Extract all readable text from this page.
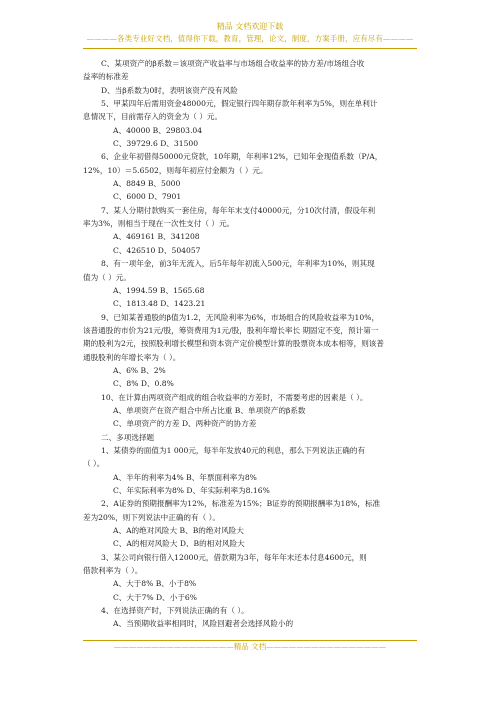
精品 文档欢迎下载
————各类专业好文档，值得你下载，教育，管理，论文，制度，方案手册，应有尽有————
C、某项资产的β系数＝该项资产收益率与市场组合收益率的协方差/市场组合收
益率的标准差
D、当β系数为0时，表明该资产没有风险
5、甲某四年后需用资金48000元，假定银行四年期存款年利率为5%，则在单利计
息情况下，目前需存入的资金为（ ）元。
A、40000 B、29803.04
C、39729.6 D、31500
6、企业年初借得50000元贷款，10年期，年利率12%，已知年金现值系数（P/A，
12%，10）＝5.6502，则每年初应付金额为（ ）元。
A、8849 B、5000
C、6000 D、7901
7、某人分期付款购买一套住房，每年年末支付40000元，分10次付清，假设年利
率为3%，则相当于现在一次性支付（ ）元。
A、469161 B、341208
C、426510 D、504057
8、有一项年金，前3年无流入，后5年每年初流入500元，年利率为10%，则其现
值为（ ）元。
A、1994.59 B、1565.68
C、1813.48 D、1423.21
9、已知某普通股的β值为1.2，无风险利率为6%，市场组合的风险收益率为10%，
该普通股的市价为21元/股，筹资费用为1元/股，股利年增长率长 期固定不变，预计第一
期的股利为2元，按照股利增长模型和资本资产定价模型计算的股票资本成本相等，则该普
通股股利的年增长率为（ ）。
A、6% B、2%
C、8% D、0.8%
10、在计算由两项资产组成的组合收益率的方差时，不需要考虑的因素是（ ）。
A、单项资产在资产组合中所占比重 B、单项资产的β系数
C、单项资产的方差 D、两种资产的协方差
二、多项选择题
1、某债券的面值为1 000元，每半年发放40元的利息，那么下列说法正确的有
（ ）。
A、半年的利率为4% B、年票面利率为8%
C、年实际利率为8% D、年实际利率为8.16%
2、A证券的预期报酬率为12%，标准差为15%；B证券的预期报酬率为18%，标准
差为20%，则下列说法中正确的有（ ）。
A、A的绝对风险大 B、B的绝对风险大
C、A的相对风险大 D、B的相对风险大
3、某公司向银行借入12000元，借款期为3年，每年年末还本付息4600元，则
借款利率为（ ）。
A、大于8% B、小于8%
C、大于7% D、小于6%
4、在选择资产时，下列说法正确的有（ ）。
A、当预期收益率相同时，风险回避者会选择风险小的
————————————————精品 文档————————————————
